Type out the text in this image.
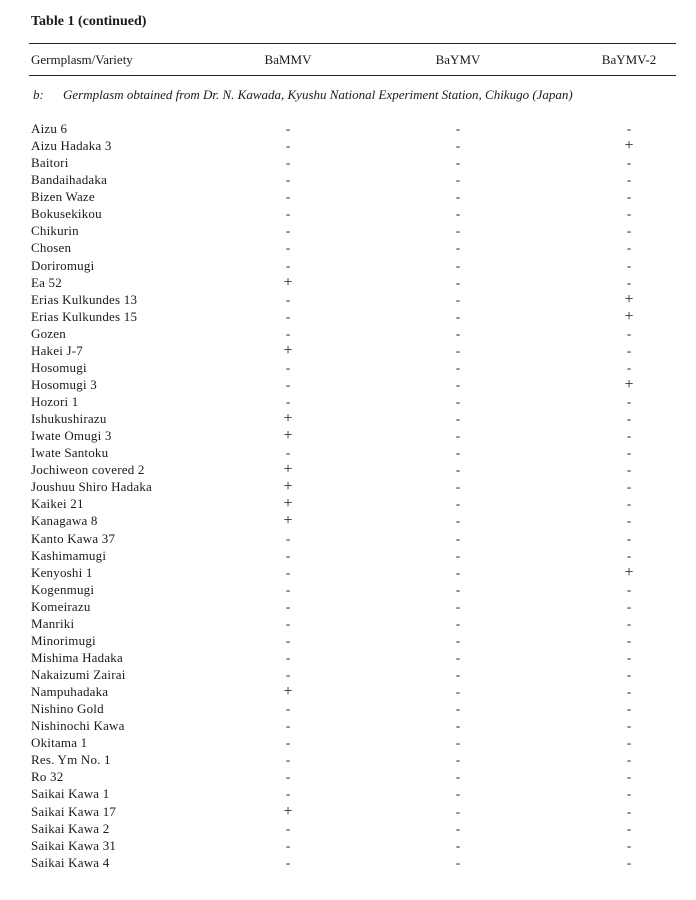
Table 1 (continued)
Germplasm/Variety	BaMMV	BaYMV	BaYMV-2
b: Germplasm obtained from Dr. N. Kawada, Kyushu National Experiment Station, Chikugo (Japan)
Aizu 6	-	-	-
Aizu Hadaka 3	-	-	+
Baitori	-	-	-
Bandaihadaka	-	-	-
Bizen Waze	-	-	-
Bokusekikou	-	-	-
Chikurin	-	-	-
Chosen	-	-	-
Doriromugi	-	-	-
Ea 52	+	-	-
Erias Kulkundes 13	-	-	+
Erias Kulkundes 15	-	-	+
Gozen	-	-	-
Hakei J-7	+	-	-
Hosomugi	-	-	-
Hosomugi 3	-	-	+
Hozori 1	-	-	-
Ishukushirazu	+	-	-
Iwate Omugi 3	+	-	-
Iwate Santoku	-	-	-
Jochiweon covered 2	+	-	-
Joushuu Shiro Hadaka	+	-	-
Kaikei 21	+	-	-
Kanagawa 8	+	-	-
Kanto Kawa 37	-	-	-
Kashimamugi	-	-	-
Kenyoshi 1	-	-	+
Kogenmugi	-	-	-
Komeirazu	-	-	-
Manriki	-	-	-
Minorimugi	-	-	-
Mishima Hadaka	-	-	-
Nakaizumi Zairai	-	-	-
Nampuhadaka	+	-	-
Nishino Gold	-	-	-
Nishinochi Kawa	-	-	-
Okitama 1	-	-	-
Res. Ym No. 1	-	-	-
Ro 32	-	-	-
Saikai Kawa 1	-	-	-
Saikai Kawa 17	+	-	-
Saikai Kawa 2	-	-	-
Saikai Kawa 31	-	-	-
Saikai Kawa 4	-	-	-
